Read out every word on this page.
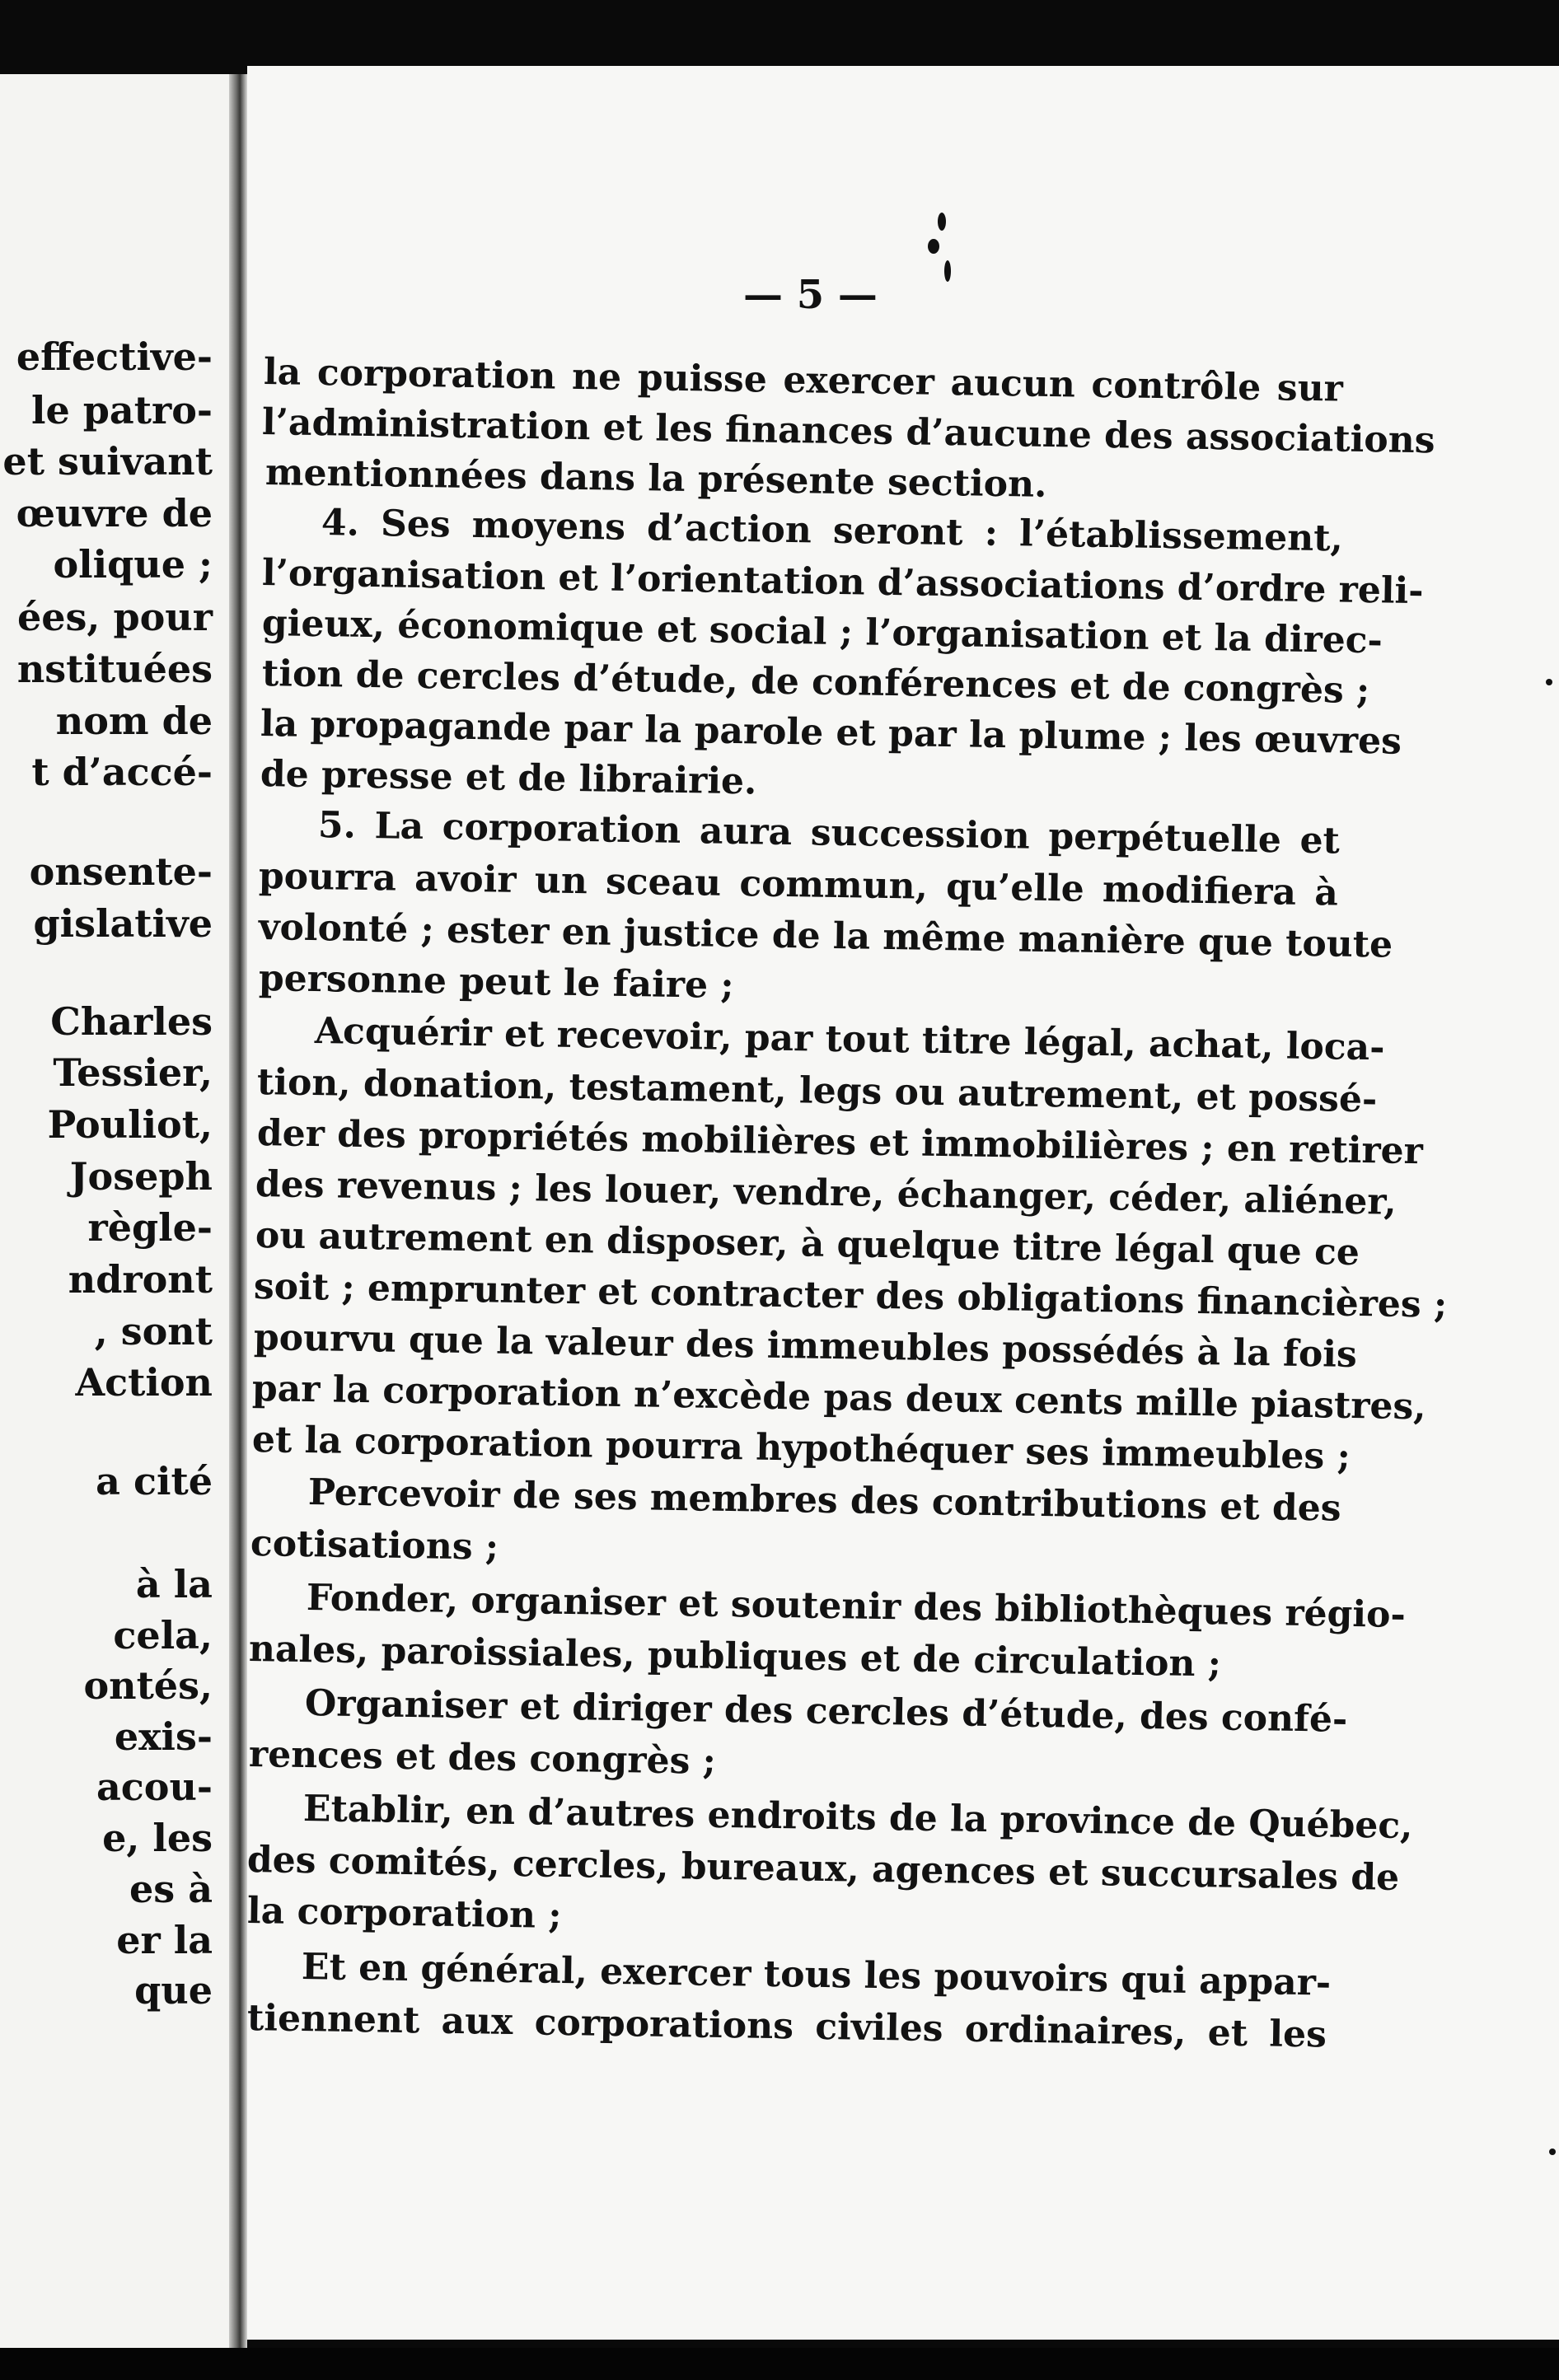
effective-
le patro-
et suivant
œuvre de
olique ;
ées, pour
nstituées
nom de
t d’accé-
onsente-
gislative
Charles
Tessier,
Pouliot,
Joseph
règle-
ndront
, sont
Action
a cité
à la
cela,
ontés,
exis-
acou-
e, les
es à
er la
que
— 5 —
la corporation ne puisse exercer aucun contrôle sur
l’administration et les finances d’aucune des associations
mentionnées dans la présente section.
4. Ses moyens d’action seront : l’établissement,
l’organisation et l’orientation d’associations d’ordre reli-
gieux, économique et social ; l’organisation et la direc-
tion de cercles d’étude, de conférences et de congrès ;
la propagande par la parole et par la plume ; les œuvres
de presse et de librairie.
5. La corporation aura succession perpétuelle et
pourra avoir un sceau commun, qu’elle modifiera à
volonté ; ester en justice de la même manière que toute
personne peut le faire ;
Acquérir et recevoir, par tout titre légal, achat, loca-
tion, donation, testament, legs ou autrement, et possé-
der des propriétés mobilières et immobilières ; en retirer
des revenus ; les louer, vendre, échanger, céder, aliéner,
ou autrement en disposer, à quelque titre légal que ce
soit ; emprunter et contracter des obligations financières ;
pourvu que la valeur des immeubles possédés à la fois
par la corporation n’excède pas deux cents mille piastres,
et la corporation pourra hypothéquer ses immeubles ;
Percevoir de ses membres des contributions et des
cotisations ;
Fonder, organiser et soutenir des bibliothèques régio-
nales, paroissiales, publiques et de circulation ;
Organiser et diriger des cercles d’étude, des confé-
rences et des congrès ;
Etablir, en d’autres endroits de la province de Québec,
des comités, cercles, bureaux, agences et succursales de
la corporation ;
Et en général, exercer tous les pouvoirs qui appar-
tiennent aux corporations civiles ordinaires, et les
